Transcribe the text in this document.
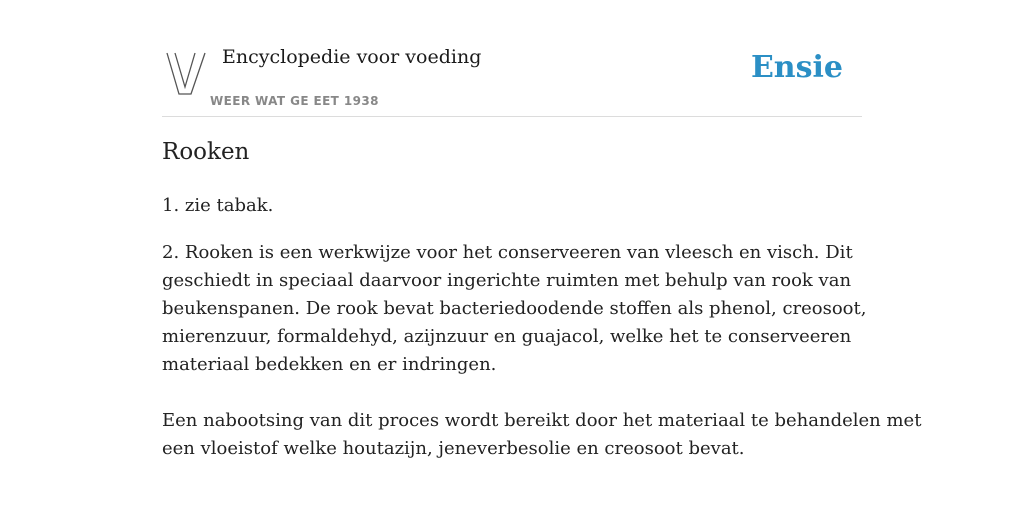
Encyclopedie voor voeding
WEER WAT GE EET 1938
Ensie
Rooken

1. zie tabak.

2. Rooken is een werkwijze voor het conserveeren van vleesch en visch. Dit

geschiedt in speciaal daarvoor ingerichte ruimten met behulp van rook van

beukenspanen. De rook bevat bacteriedoodende stoffen als phenol, creosoot,

mierenzuur, formaldehyd, azijnzuur en guajacol, welke het te conserveeren

materiaal bedekken en er indringen.

Een nabootsing van dit proces wordt bereikt door het materiaal te behandelen met

een vloeistof welke houtazijn, jeneverbesolie en creosoot bevat.
